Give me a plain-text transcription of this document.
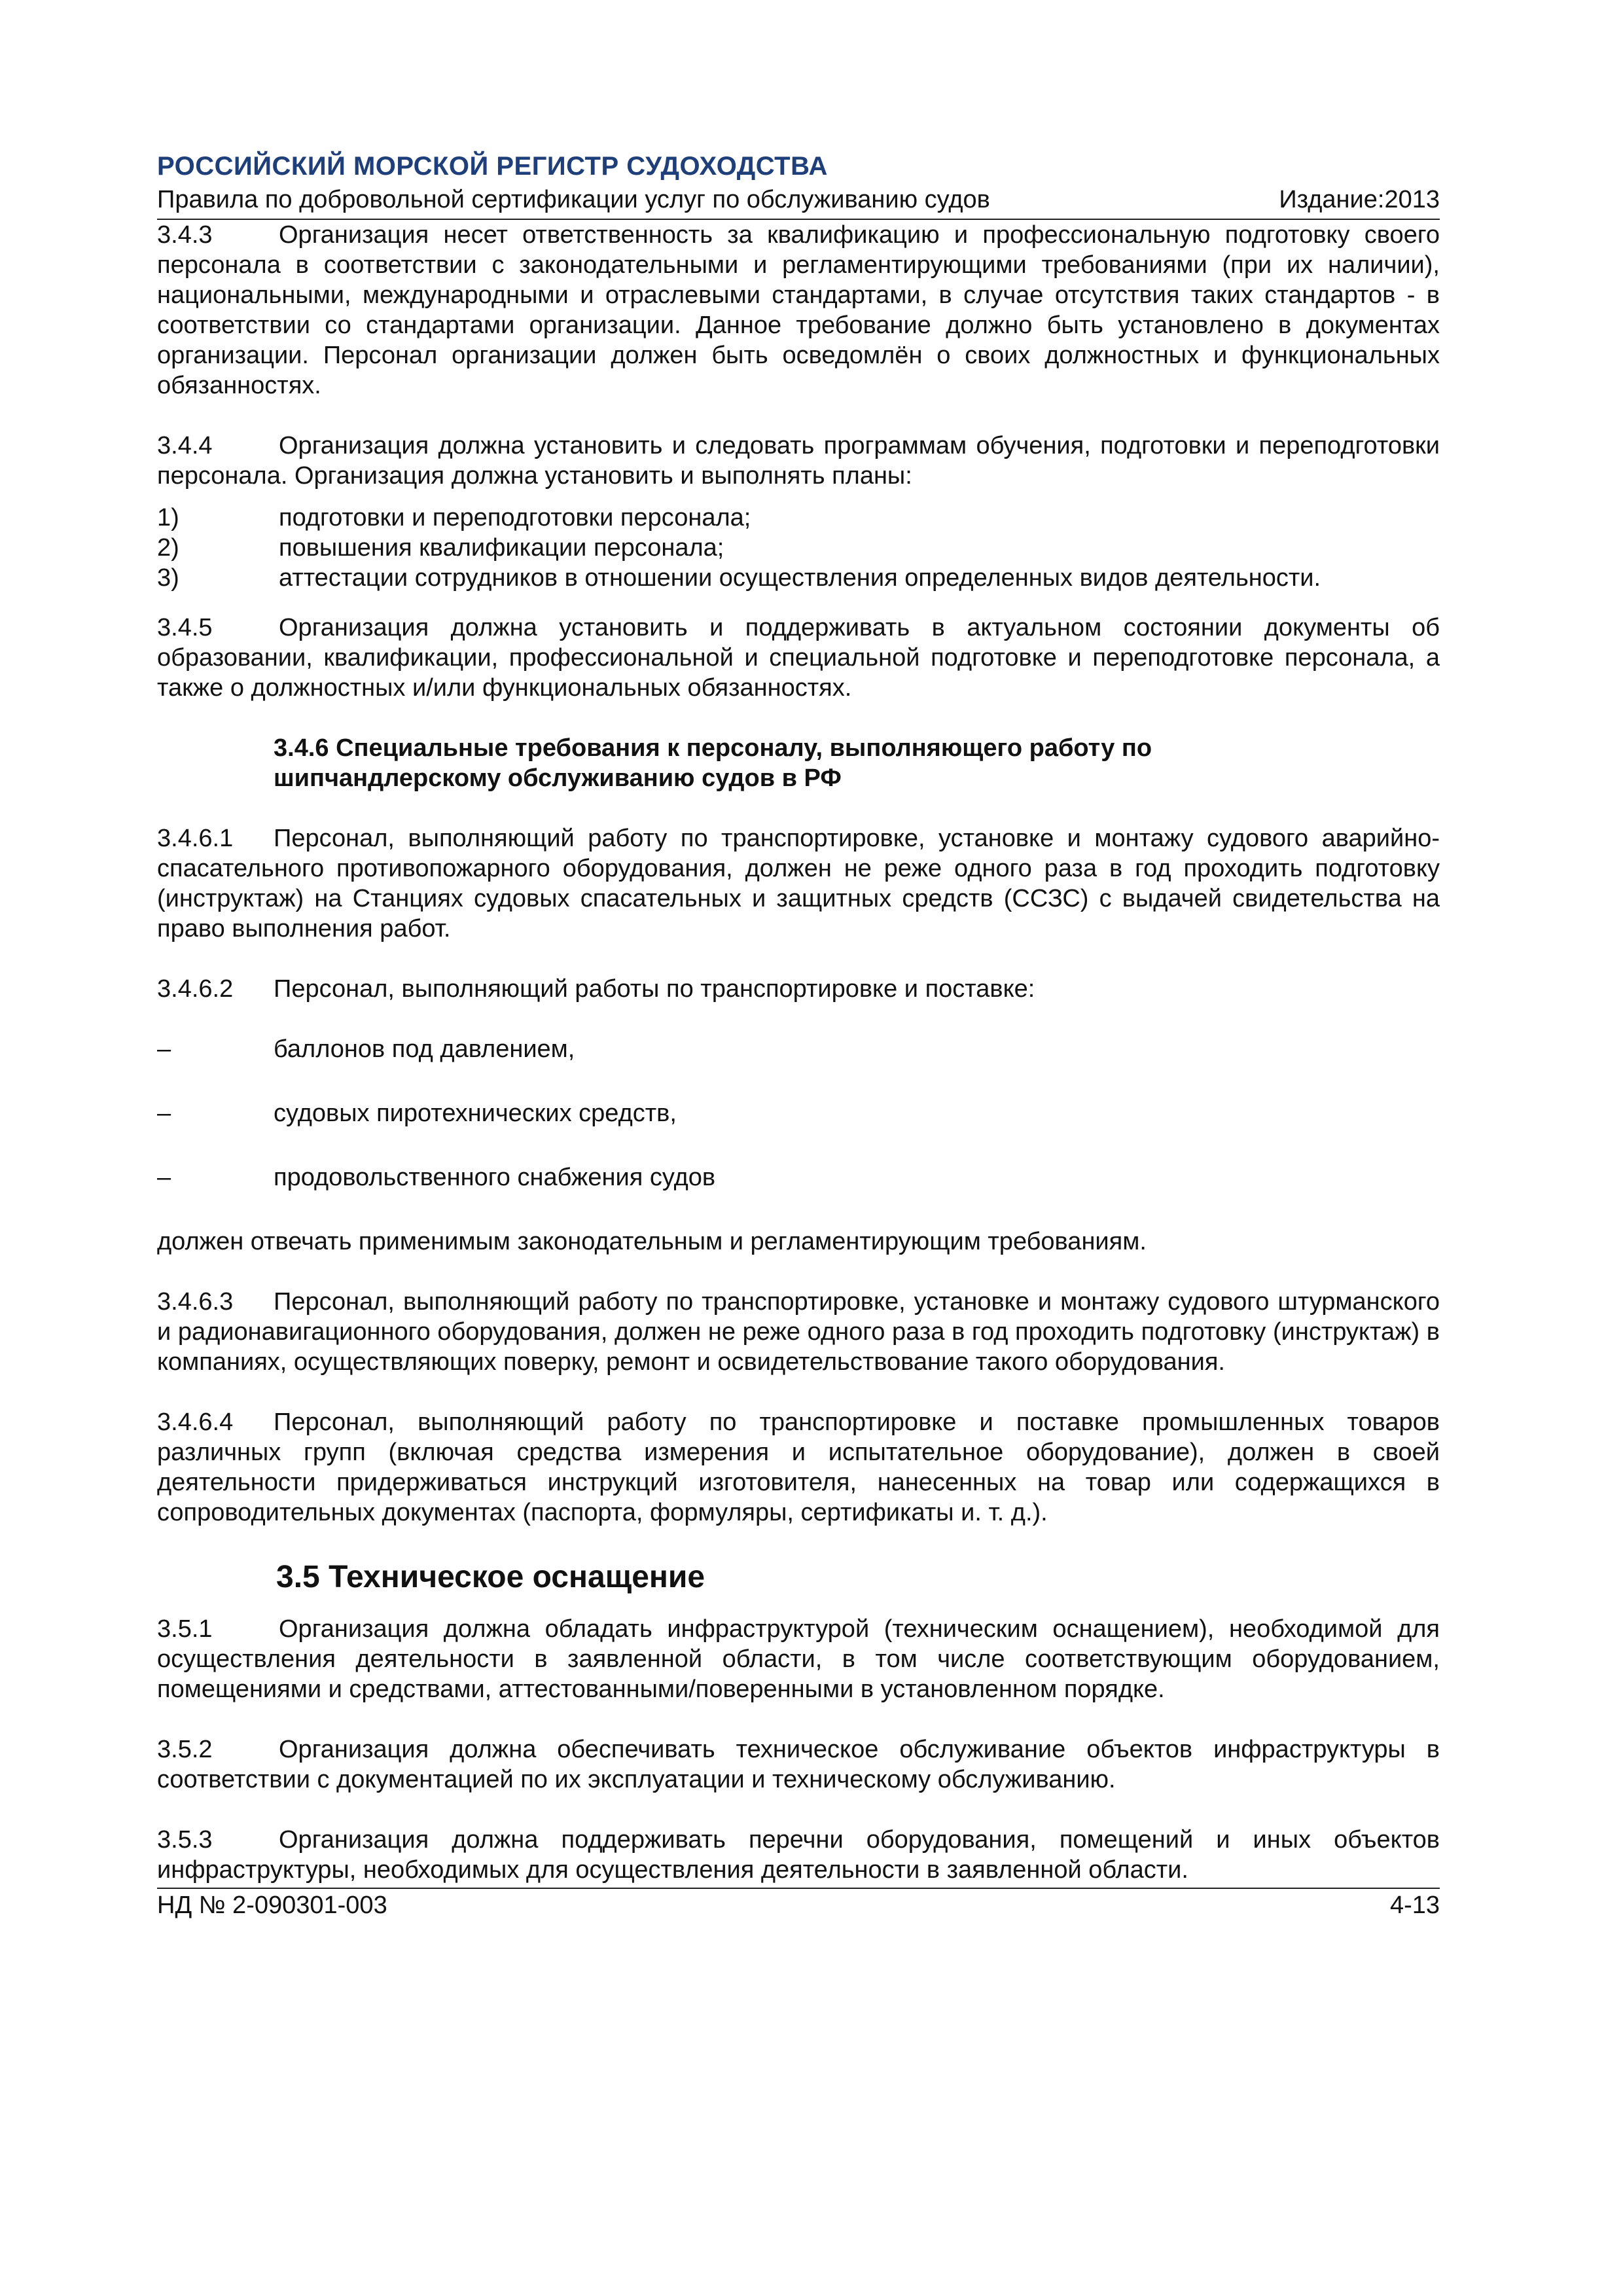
РОССИЙСКИЙ МОРСКОЙ РЕГИСТР СУДОХОДСТВА
Правила по добровольной сертификации услуг по обслуживанию судов	Издание:2013

3.4.3	Организация несет ответственность за квалификацию и профессиональную подготовку своего персонала в соответствии с законодательными и регламентирующими требованиями (при их наличии), национальными, международными и отраслевыми стандартами, в случае отсутствия таких стандартов - в соответствии со стандартами организации. Данное требование должно быть установлено в документах организации. Персонал организации должен быть осведомлён о своих должностных и функциональных обязанностях.

3.4.4	Организация должна установить и следовать программам обучения, подготовки и переподготовки персонала. Организация должна установить и выполнять планы:

1)	подготовки и переподготовки персонала;
2)	повышения квалификации персонала;
3)	аттестации сотрудников в отношении осуществления определенных видов деятельности.

3.4.5	Организация должна установить и поддерживать в актуальном состоянии документы об образовании, квалификации, профессиональной и специальной подготовке и переподготовке персонала, а также о должностных и/или функциональных обязанностях.

3.4.6 Специальные требования к персоналу, выполняющего работу по
шипчандлерскому обслуживанию судов в РФ

3.4.6.1 Персонал, выполняющий работу по транспортировке, установке и монтажу судового аварийно-спасательного противопожарного оборудования, должен не реже одного раза в год проходить подготовку (инструктаж) на Станциях судовых спасательных и защитных средств (ССЗС) с выдачей свидетельства на право выполнения работ.

3.4.6.2 Персонал, выполняющий работы по транспортировке и поставке:

–	баллонов под давлением,
–	судовых пиротехнических средств,
–	продовольственного снабжения судов

должен отвечать применимым законодательным и регламентирующим требованиям.

3.4.6.3 Персонал, выполняющий работу по транспортировке, установке и монтажу судового штурманского и радионавигационного оборудования, должен не реже одного раза в год проходить подготовку (инструктаж) в компаниях, осуществляющих поверку, ремонт и освидетельствование такого оборудования.

3.4.6.4 Персонал, выполняющий работу по транспортировке и поставке промышленных товаров различных групп (включая средства измерения и испытательное оборудование), должен в своей деятельности придерживаться инструкций изготовителя, нанесенных на товар или содержащихся в сопроводительных документах (паспорта, формуляры, сертификаты и. т. д.).

3.5 Техническое оснащение

3.5.1	Организация должна обладать инфраструктурой (техническим оснащением), необходимой для осуществления деятельности в заявленной области, в том числе соответствующим оборудованием, помещениями и средствами, аттестованными/поверенными в установленном порядке.

3.5.2	Организация должна обеспечивать техническое обслуживание объектов инфраструктуры в соответствии с документацией по их эксплуатации и техническому обслуживанию.

3.5.3	Организация должна поддерживать перечни оборудования, помещений и иных объектов инфраструктуры, необходимых для осуществления деятельности в заявленной области.

НД № 2-090301-003	4-13
